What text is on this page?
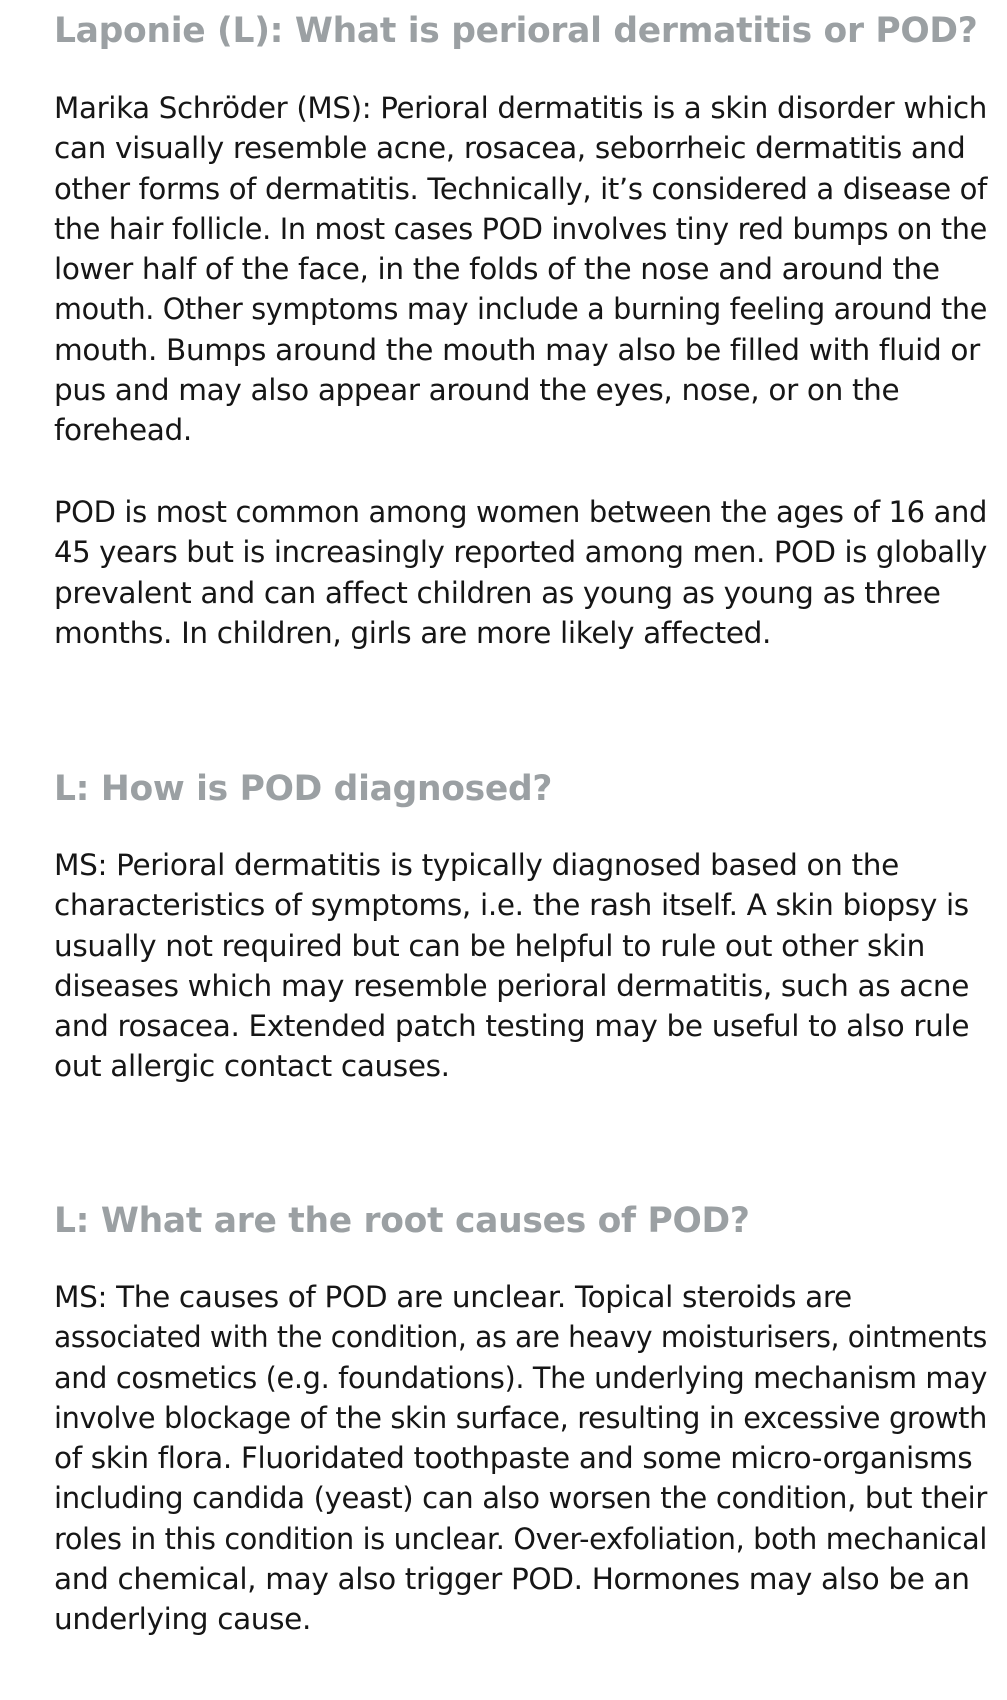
Laponie (L): What is perioral dermatitis or POD?

Marika Schröder (MS): Perioral dermatitis is a skin disorder which
can visually resemble acne, rosacea, seborrheic dermatitis and
other forms of dermatitis. Technically, it’s considered a disease of
the hair follicle. In most cases POD involves tiny red bumps on the
lower half of the face, in the folds of the nose and around the
mouth. Other symptoms may include a burning feeling around the
mouth. Bumps around the mouth may also be filled with fluid or
pus and may also appear around the eyes, nose, or on the
forehead.

POD is most common among women between the ages of 16 and
45 years but is increasingly reported among men. POD is globally
prevalent and can affect children as young as young as three
months. In children, girls are more likely affected.

L: How is POD diagnosed?

MS: Perioral dermatitis is typically diagnosed based on the
characteristics of symptoms, i.e. the rash itself. A skin biopsy is
usually not required but can be helpful to rule out other skin
diseases which may resemble perioral dermatitis, such as acne
and rosacea. Extended patch testing may be useful to also rule
out allergic contact causes.

L: What are the root causes of POD?

MS: The causes of POD are unclear. Topical steroids are
associated with the condition, as are heavy moisturisers, ointments
and cosmetics (e.g. foundations). The underlying mechanism may
involve blockage of the skin surface, resulting in excessive growth
of skin flora. Fluoridated toothpaste and some micro-organisms
including candida (yeast) can also worsen the condition, but their
roles in this condition is unclear. Over-exfoliation, both mechanical
and chemical, may also trigger POD. Hormones may also be an
underlying cause.
